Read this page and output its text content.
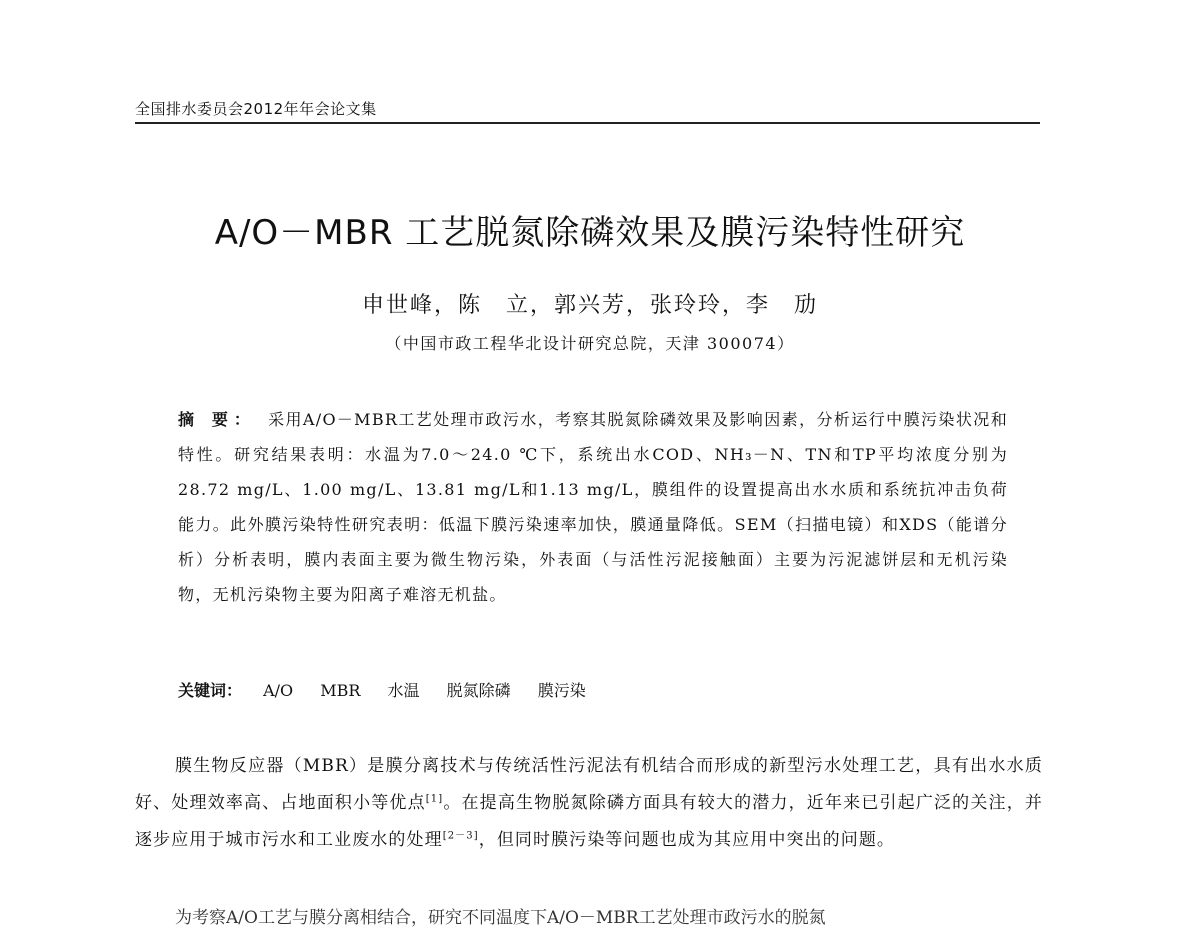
全国排水委员会2012年年会论文集
A/O－MBR 工艺脱氮除磷效果及膜污染特性研究
申世峰，陈　立，郭兴芳，张玲玲，李　劢
（中国市政工程华北设计研究总院，天津 300074）
摘 要： 采用A/O－MBR工艺处理市政污水，考察其脱氮除磷效果及影响因素，分析运行中膜污染状况和特性。研究结果表明：水温为7.0～24.0 ℃下，系统出水COD、NH₃－N、TN和TP平均浓度分别为28.72 mg/L、1.00 mg/L、13.81 mg/L和1.13 mg/L，膜组件的设置提高出水水质和系统抗冲击负荷能力。此外膜污染特性研究表明：低温下膜污染速率加快，膜通量降低。SEM（扫描电镜）和XDS（能谱分析）分析表明，膜内表面主要为微生物污染，外表面（与活性污泥接触面）主要为污泥滤饼层和无机污染物，无机污染物主要为阳离子难溶无机盐。
关键词： A/O MBR 水温 脱氮除磷 膜污染
膜生物反应器（MBR）是膜分离技术与传统活性污泥法有机结合而形成的新型污水处理工艺，具有出水水质好、处理效率高、占地面积小等优点[1]。在提高生物脱氮除磷方面具有较大的潜力，近年来已引起广泛的关注，并逐步应用于城市污水和工业废水的处理[2－3]，但同时膜污染等问题也成为其应用中突出的问题。
为考察A/O工艺与膜分离相结合，研究不同温度下A/O－MBR工艺处理市政污水的脱氮
